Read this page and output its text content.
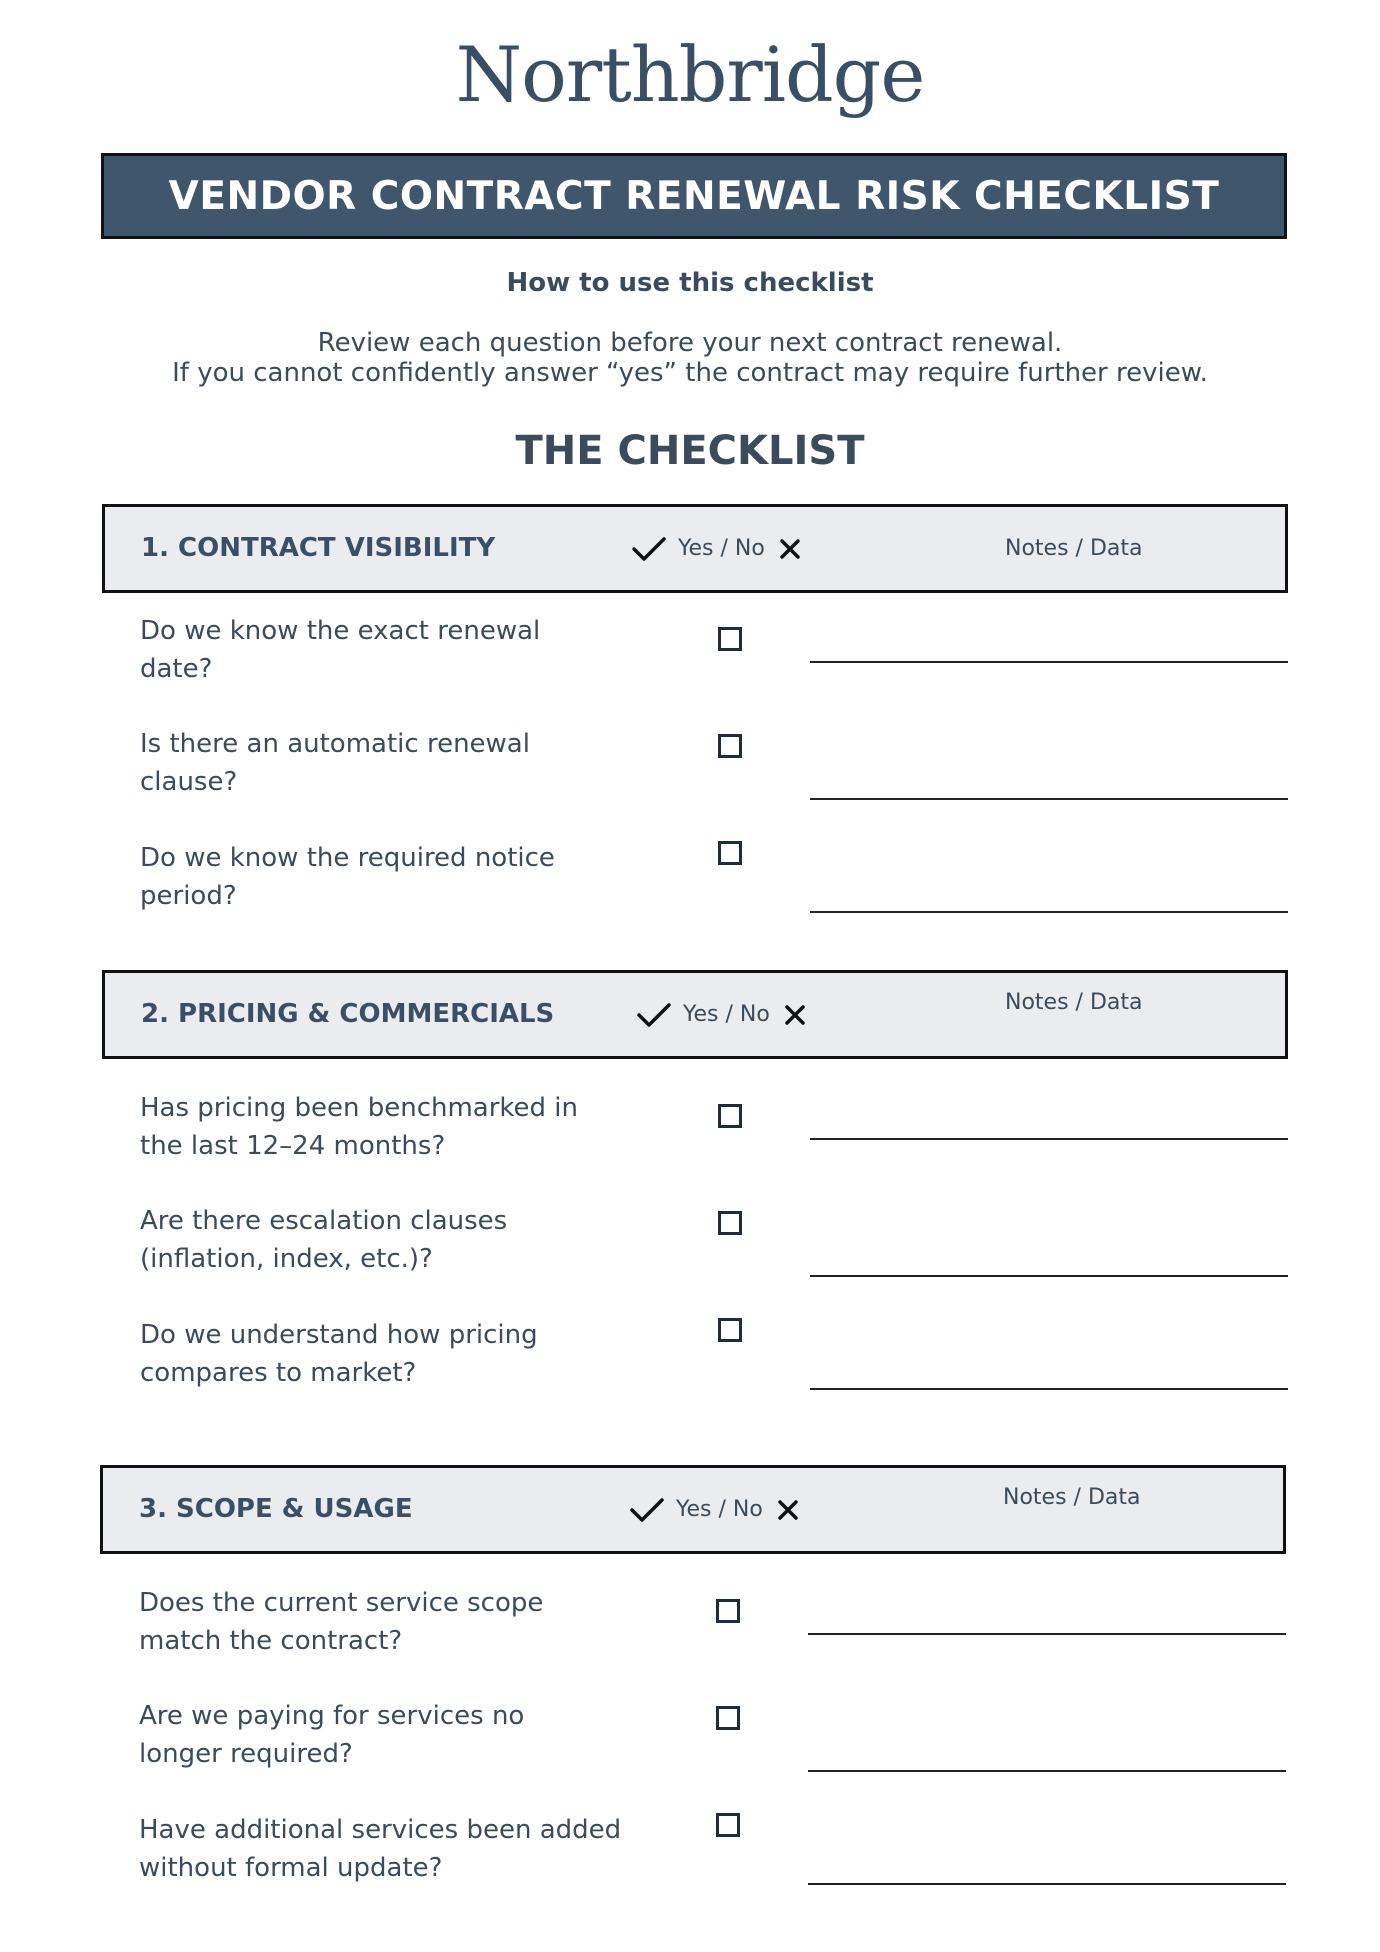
Northbridge
VENDOR CONTRACT RENEWAL RISK CHECKLIST
How to use this checklist
Review each question before your next contract renewal.
If you cannot confidently answer “yes” the contract may require further review.
THE CHECKLIST
1. CONTRACT VISIBILITY	Yes / No	Notes / Data
Do we know the exact renewal
date?
Is there an automatic renewal
clause?
Do we know the required notice
period?
2. PRICING & COMMERCIALS	Yes / No	Notes / Data
Has pricing been benchmarked in
the last 12–24 months?
Are there escalation clauses
(inflation, index, etc.)?
Do we understand how pricing
compares to market?
3. SCOPE & USAGE	Yes / No	Notes / Data
Does the current service scope
match the contract?
Are we paying for services no
longer required?
Have additional services been added
without formal update?
